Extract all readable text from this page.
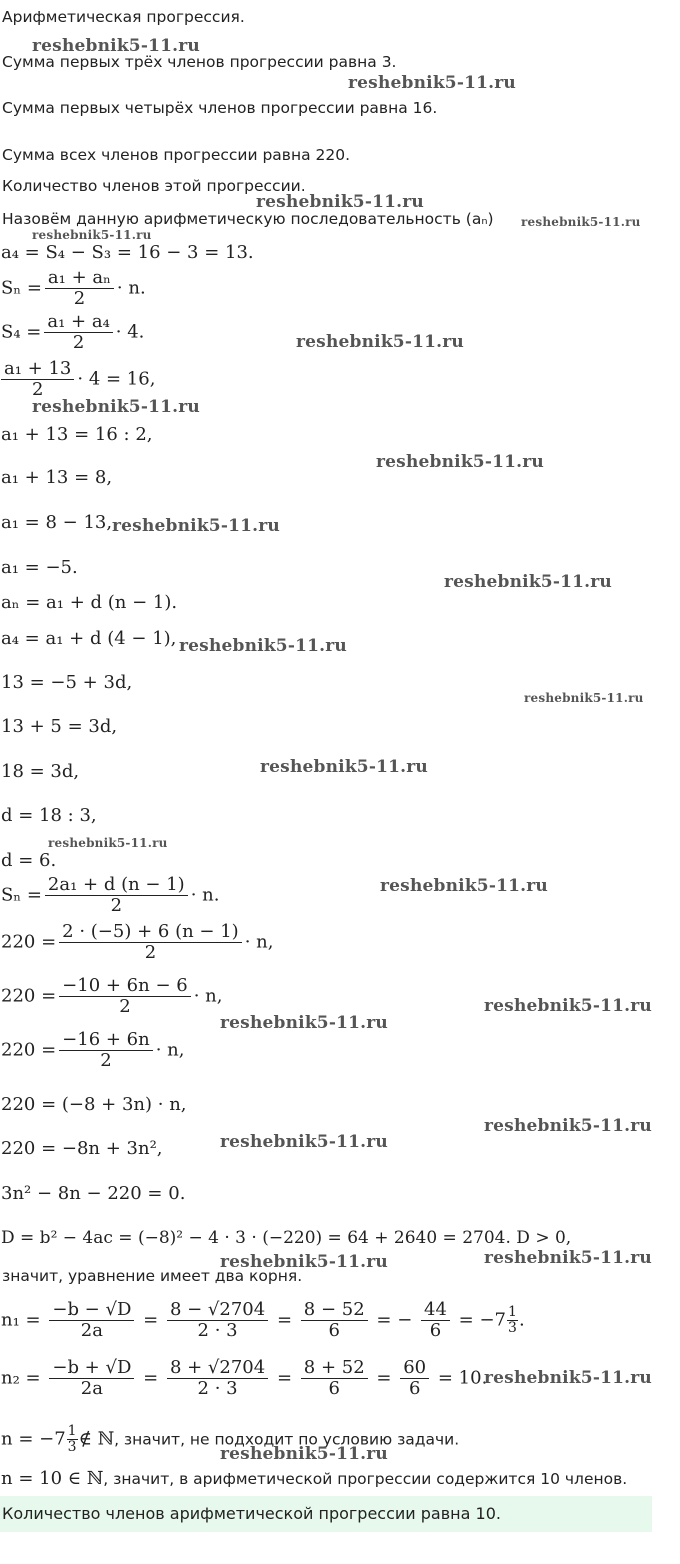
Арифметическая прогрессия.
Сумма первых трёх членов прогрессии равна 3.
Сумма первых четырёх членов прогрессии равна 16.
Сумма всех членов прогрессии равна 220.
Количество членов этой прогрессии.
Назовём данную арифметическую последовательность (aₙ)
a₄ = S₄ − S₃ = 16 − 3 = 13.
$S_n = \frac{\text{a₁ + aₙ}}{2} \cdot n$.
$S_4 = \frac{\text{a₁ + a₄}}{2} \cdot 4$.
$\frac{\text{a₁ + 13}}{2} \cdot 4 = 16$,
a₁ + 13 = 16 : 2,
a₁ + 13 = 8,
a₁ = 8 − 13,
a₁ = −5.
aₙ = a₁ + d (n − 1).
a₄ = a₁ + d (4 − 1),
13 = −5 + 3d,
13 + 5 = 3d,
18 = 3d,
d = 18 : 3,
d = 6.
$S_n = \frac{\text{2a₁ + d (n − 1)}}{2} \cdot n$.
$220 = \frac{2 \cdot (-5) + 6 (n - 1)}{2} \cdot n$,
$220 = \frac{-10 + 6n - 6}{2} \cdot n$,
$220 = \frac{-16 + 6n}{2} \cdot n$,
220 = (−8 + 3n) · n,
220 = −8n + 3n²,
3n² − 8n − 220 = 0.
D = b² − 4ac = (−8)² − 4 · 3 · (−220) = 64 + 2640 = 2704. D > 0,
значит, уравнение имеет два корня.
$n_1 = \frac{-b - √D}{2a} = \frac{8 - √2704}{2 \cdot 3} = \frac{8 - 52}{6}$ = − $\frac{44}{6} = -7 \frac{1}{3}$ .
$n_2 = \frac{-b + √D}{2a} = \frac{8 + √2704}{2 \cdot 3} = \frac{8 + 52}{6} = \frac{60}{6} = 10$.
$n = -7 \frac{1}{3}$ ∉ ℕ, значит, не подходит по условию задачи.
n = 10 ∈ ℕ, значит, в арифметической прогрессии содержится 10 членов.
Количество членов арифметической прогрессии равна 10.
reshebnik5-11.ru
reshebnik5-11.ru
reshebnik5-11.ru
reshebnik5-11.ru
reshebnik5-11.ru
reshebnik5-11.ru
reshebnik5-11.ru
reshebnik5-11.ru
reshebnik5-11.ru
reshebnik5-11.ru
reshebnik5-11.ru
reshebnik5-11.ru
reshebnik5-11.ru
reshebnik5-11.ru
reshebnik5-11.ru
reshebnik5-11.ru
reshebnik5-11.ru
reshebnik5-11.ru
reshebnik5-11.ru
reshebnik5-11.ru	reshebnik5-11.ru
reshebnik5-11.ru
reshebnik5-11.ru
